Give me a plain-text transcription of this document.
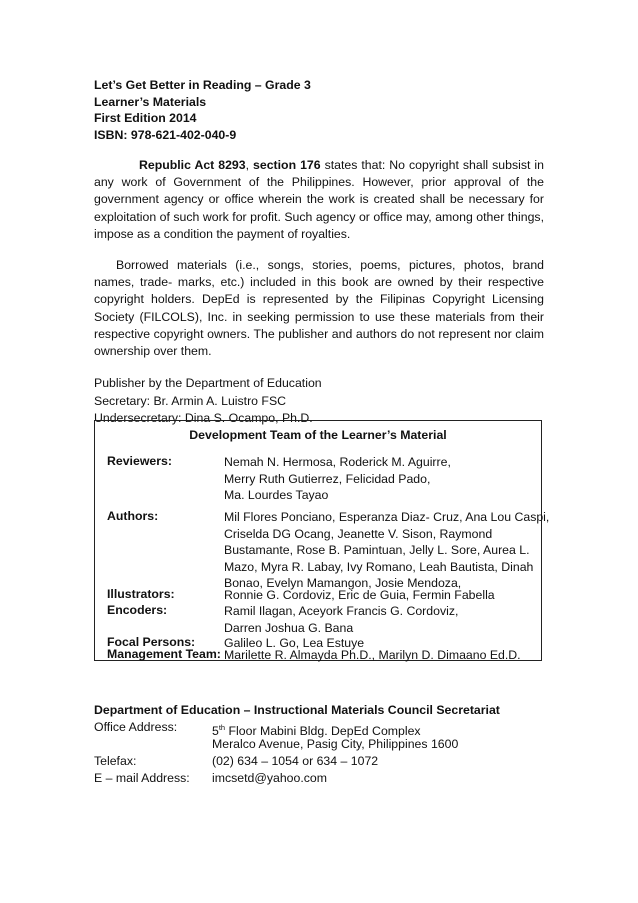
Let’s Get Better in Reading – Grade 3
Learner’s Materials
First Edition 2014
ISBN: 978-621-402-040-9

Republic Act 8293, section 176 states that: No copyright shall subsist in any work of Government of the Philippines. However, prior approval of the government agency or office wherein the work is created shall be necessary for exploitation of such work for profit. Such agency or office may, among other things, impose as a condition the payment of royalties.

Borrowed materials (i.e., songs, stories, poems, pictures, photos, brand names, trade- marks, etc.) included in this book are owned by their respective copyright holders. DepEd is represented by the Filipinas Copyright Licensing Society (FILCOLS), Inc. in seeking permission to use these materials from their respective copyright owners. The publisher and authors do not represent nor claim ownership over them.

Publisher by the Department of Education
Secretary: Br. Armin A. Luistro FSC
Undersecretary: Dina S. Ocampo, Ph.D.
Development Team of the Learner’s Material
Reviewers:	Nemah N. Hermosa, Roderick M. Aguirre,
Merry Ruth Gutierrez, Felicidad Pado,
Ma. Lourdes Tayao
Authors:	Mil Flores Ponciano, Esperanza Diaz- Cruz, Ana Lou Caspi,
Criselda DG Ocang, Jeanette V. Sison, Raymond
Bustamante, Rose B. Pamintuan, Jelly L. Sore, Aurea L.
Mazo, Myra R. Labay, Ivy Romano, Leah Bautista, Dinah
Bonao, Evelyn Mamangon, Josie Mendoza,
Illustrators:	Ronnie G. Cordoviz, Eric de Guia, Fermin Fabella
Encoders:	Ramil Ilagan, Aceyork Francis G. Cordoviz,
Darren Joshua G. Bana
Focal Persons: Galileo L. Go, Lea Estuye
Management Team: Marilette R. Almayda Ph.D., Marilyn D. Dimaano Ed.D.
Department of Education – Instructional Materials Council Secretariat
Office Address:	5th Floor Mabini Bldg. DepEd Complex
Meralco Avenue, Pasig City, Philippines 1600
Telefax:	(02) 634 – 1054 or 634 – 1072
E – mail Address: imcsetd@yahoo.com
